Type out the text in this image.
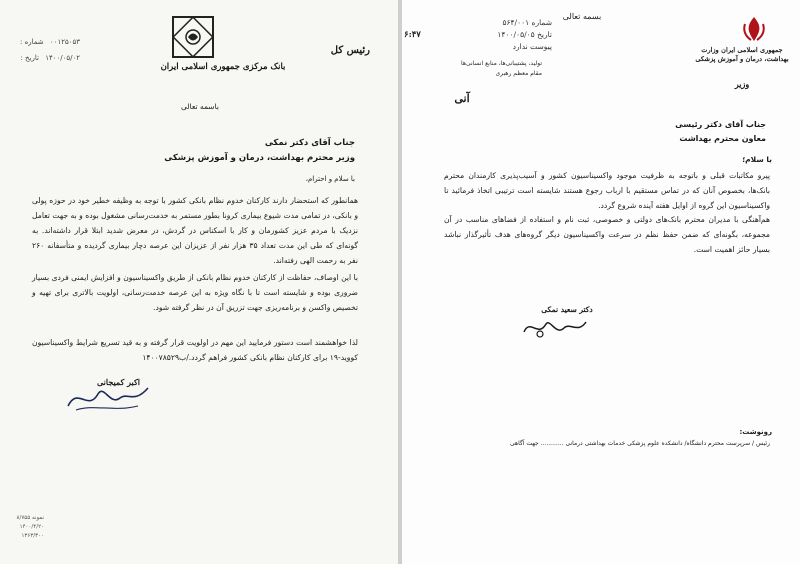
۰۰۱۲۵۰۵۳ شماره :
۱۴۰۰/۰۵/۰۲ تاریخ :
بانک مرکزی جمهوری اسلامی ایران
رئیس کل
باسمه تعالی
جناب آقای دکتر نمکی
وزیر محترم بهداشت، درمان و آموزش پزشکی
با سلام و احترام،
همانطور که استحضار دارند کارکنان خدوم نظام بانکی کشور با توجه به وظیفه خطیر خود در حوزه پولی و بانکی، در تمامی مدت شیوع بیماری کرونا بطور مستمر به خدمت‌رسانی مشغول بوده و به جهت تعامل نزدیک با مردم عزیز کشورمان و کار با اسکناس در گردش، در معرض شدید ابتلا قرار داشته‌اند. به گونه‌ای که طی این مدت تعداد ۳۵ هزار نفر از عزیزان این عرصه دچار بیماری گردیده و متأسفانه ۲۶۰ نفر به رحمت الهی رفته‌اند.
با این اوصاف، حفاظت از کارکنان خدوم نظام بانکی از طریق واکسیناسیون و افزایش ایمنی فردی بسیار ضروری بوده و شایسته است تا با نگاه ویژه به این عرصه خدمت‌رسانی، اولویت بالاتری برای تهیه و تخصیص واکسن و برنامه‌ریزی جهت تزریق آن در نظر گرفته شود.
لذا خواهشمند است دستور فرمایید این مهم در اولویت قرار گرفته و به قید تسریع شرایط واکسیناسیون کووید-۱۹ برای کارکنان نظام بانکی کشور فراهم گردد./ب۱۴۰۰۷۸۵۲۹
اکبر کمیجانی
نمونه ۸/۷۵۵
۱۴۰۰/۴/۲۰
۱۳۶۳/۳۰۰
بسمه تعالی
شماره ۵۶۴/۰۰۱
تاریخ ۱۴۰۰/۰۵/۰۵
پیوست ندارد
۶:۴۷
جمهوری اسلامی ایران وزارت بهداشت، درمان و آموزش پزشکی
وزیر
تولید، پشتیبانی‌ها، منابع انسانی‌ها
مقام معظم رهبری
آنی
جناب آقای دکتر رئیسی
معاون محترم بهداشت
با سلام؛
پیرو مکاتبات قبلی و باتوجه به ظرفیت موجود واکسیناسیون کشور و آسیب‌پذیری کارمندان محترم بانک‌ها، بخصوص آنان که در تماس مستقیم با ارباب رجوع هستند شایسته است ترتیبی اتخاذ فرمائید تا واکسیناسیون این گروه از اوایل هفته آینده شروع گردد.
هم‌آهنگی با مدیران محترم بانک‌های دولتی و خصوصی، ثبت نام و استفاده از فضاهای مناسب در آن مجموعه، بگونه‌ای که ضمن حفظ نظم در سرعت واکسیناسیون دیگر گروه‌های هدف تأثیرگذار نباشد بسیار حائز اهمیت است.
دکتر سعید نمکی
رونوشت:
رئیس / سرپرست محترم دانشگاه/ دانشکده علوم پزشکی خدمات بهداشتی درمانی ............ جهت آگاهی
